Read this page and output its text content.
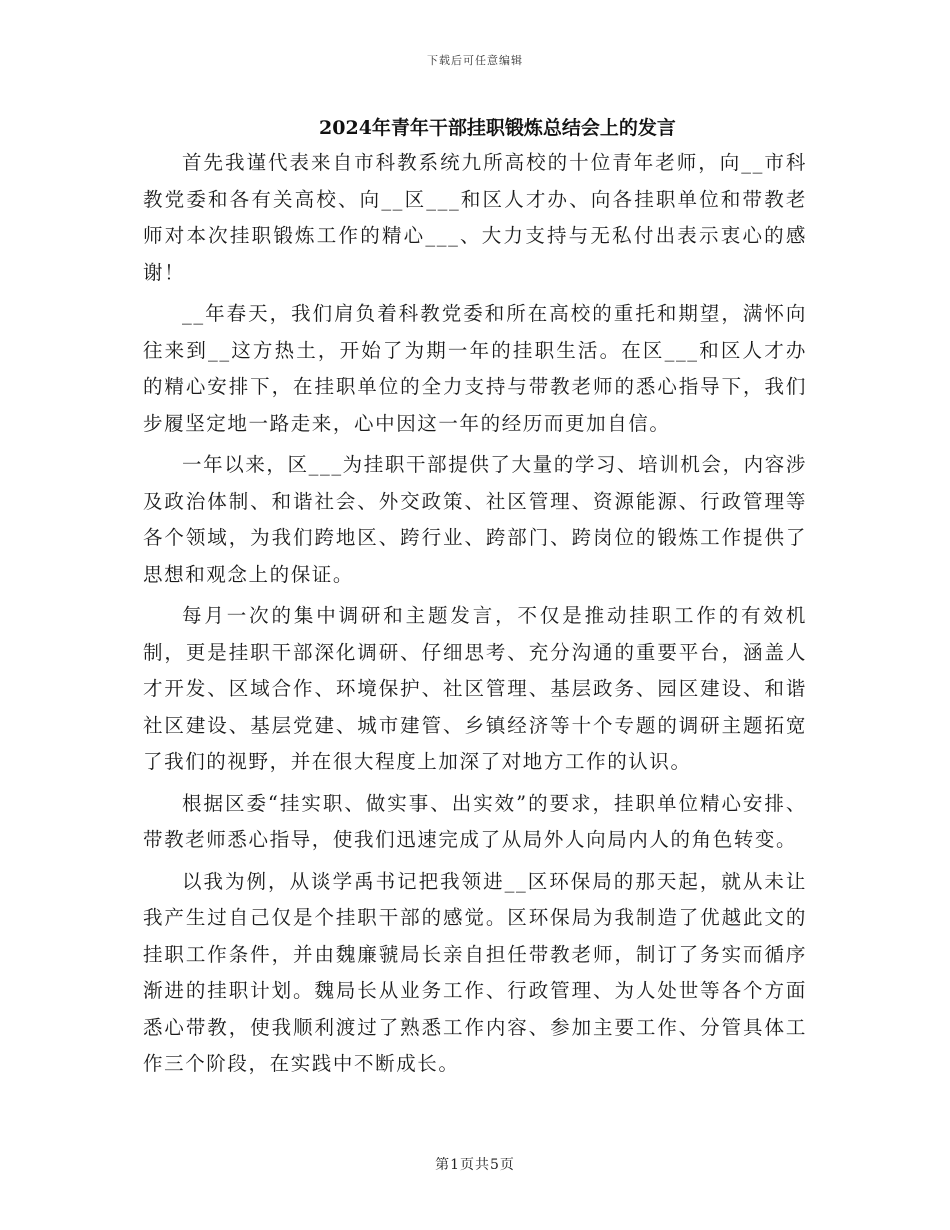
下载后可任意编辑
2024年青年干部挂职锻炼总结会上的发言

首先我谨代表来自市科教系统九所高校的十位青年老师，向__市科教党委和各有关高校、向__区___和区人才办、向各挂职单位和带教老师对本次挂职锻炼工作的精心___、大力支持与无私付出表示衷心的感谢！

__年春天，我们肩负着科教党委和所在高校的重托和期望，满怀向往来到__这方热土，开始了为期一年的挂职生活。在区___和区人才办的精心安排下，在挂职单位的全力支持与带教老师的悉心指导下，我们步履坚定地一路走来，心中因这一年的经历而更加自信。

一年以来，区___为挂职干部提供了大量的学习、培训机会，内容涉及政治体制、和谐社会、外交政策、社区管理、资源能源、行政管理等各个领域，为我们跨地区、跨行业、跨部门、跨岗位的锻炼工作提供了思想和观念上的保证。

每月一次的集中调研和主题发言，不仅是推动挂职工作的有效机制，更是挂职干部深化调研、仔细思考、充分沟通的重要平台，涵盖人才开发、区域合作、环境保护、社区管理、基层政务、园区建设、和谐社区建设、基层党建、城市建管、乡镇经济等十个专题的调研主题拓宽了我们的视野，并在很大程度上加深了对地方工作的认识。

根据区委“挂实职、做实事、出实效”的要求，挂职单位精心安排、带教老师悉心指导，使我们迅速完成了从局外人向局内人的角色转变。

以我为例，从谈学禹书记把我领进__区环保局的那天起，就从未让我产生过自己仅是个挂职干部的感觉。区环保局为我制造了优越此文的挂职工作条件，并由魏廉虢局长亲自担任带教老师，制订了务实而循序渐进的挂职计划。魏局长从业务工作、行政管理、为人处世等各个方面悉心带教，使我顺利渡过了熟悉工作内容、参加主要工作、分管具体工作三个阶段，在实践中不断成长。

第1页共5页
